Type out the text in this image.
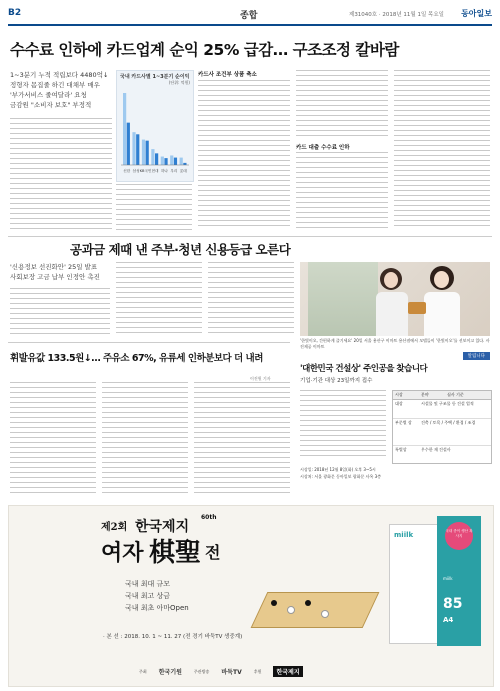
B2	종합	제31040호 · 2018년 11월 1일 목요일 동아일보
수수료 인하에 카드업계 순익 25% 급감… 구조조정 칼바람
1~3분기 누적 적립보다 4480억↓
정형자 몸집줄 하긴 대채부 매우
'부가서비스 줄여달라' 요청
금감원 "소비자 보호" 부정적
국내 카드사별 1~3분기 순이익
(단위: 억원)
신한 삼성 KB국민 현대 하나 우리 롯데
카드사 조건부 상품 축소
카드 대출 수수료 인하
공과금 제때 낸 주부·청년 신용등급 오른다
'신용정보 선진화안' 25일 발표
사회보장 고금 납부 인정안 촉진
'한빛이오, 간편하게 즐기세요' 20일 서울 용산구 이마트 용산점에서 모델들이 '한빛이오'를 선보이고 있다. 사진제공 이마트
휘발유값 133.5원↓… 주유소 67%, 유류세 인하분보다 더 내려
이진원 기자
알립니다
'대한민국 건설상' 주인공을 찾습니다
기업·기관 대상 23일까지 접수
시상	분야	심사 기준
대상	시설물 및 구조물 등 건설 업적
부문별 상	건축 / 토목 / 주택 / 환경 / 조경
특별상	우수한 재 건설사
시상일: 2018년 12월 8일(화) 오후 3~5시
시상처: 서울 광화문 동아일보 광화문 사옥 3층
제2회 한국제지
60th
여자 棋聖 전
국내 최대 규모
국내 최고 상금
국내 최초 아마Open
· 본 선 : 2018. 10. 1 ~ 11. 27 (전 경기 바둑TV 생중계)
miilk	국내 종이 생산 복사지
miilk
85
A4
주최 한국기원	주관방송 바둑TV	후원	한국제지
